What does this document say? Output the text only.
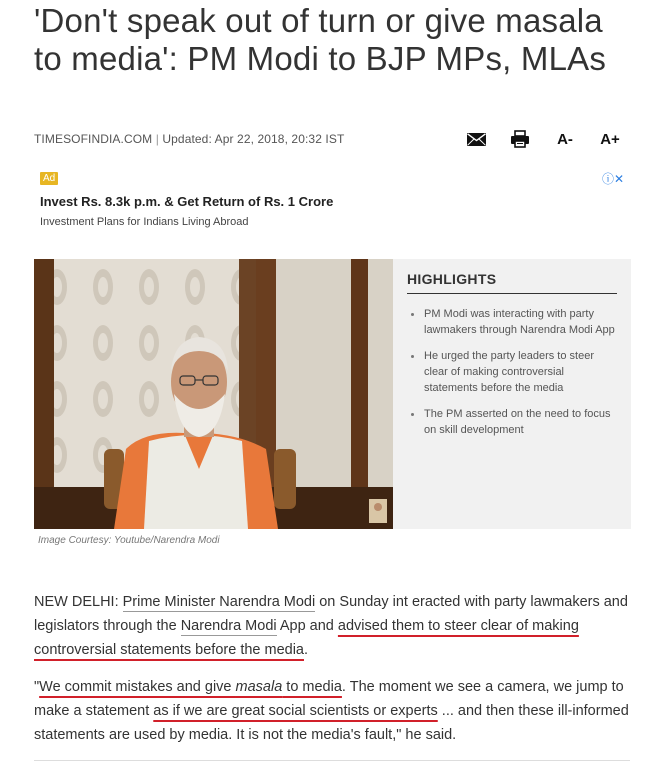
'Don't speak out of turn or give masala to media': PM Modi to BJP MPs, MLAs
TIMESOFINDIA.COM | Updated: Apr 22, 2018, 20:32 IST	A- A+
Ad	ⓘ✕
Invest Rs. 8.3k p.m. & Get Return of Rs. 1 Crore
Investment Plans for Indians Living Abroad
HIGHLIGHTS
PM Modi was interacting with party lawmakers through Narendra Modi App
He urged the party leaders to steer clear of making controversial statements before the media
The PM asserted on the need to focus on skill development
Image Courtesy: Youtube/Narendra Modi

NEW DELHI: Prime Minister Narendra Modi on Sunday int eracted with party lawmakers and legislators through the Narendra Modi App and advised them to steer clear of making controversial statements before the media.

"We commit mistakes and give masala to media. The moment we see a camera, we jump to make a statement as if we are great social scientists or experts ... and then these ill-informed statements are used by media. It is not the media's fault," he said.
